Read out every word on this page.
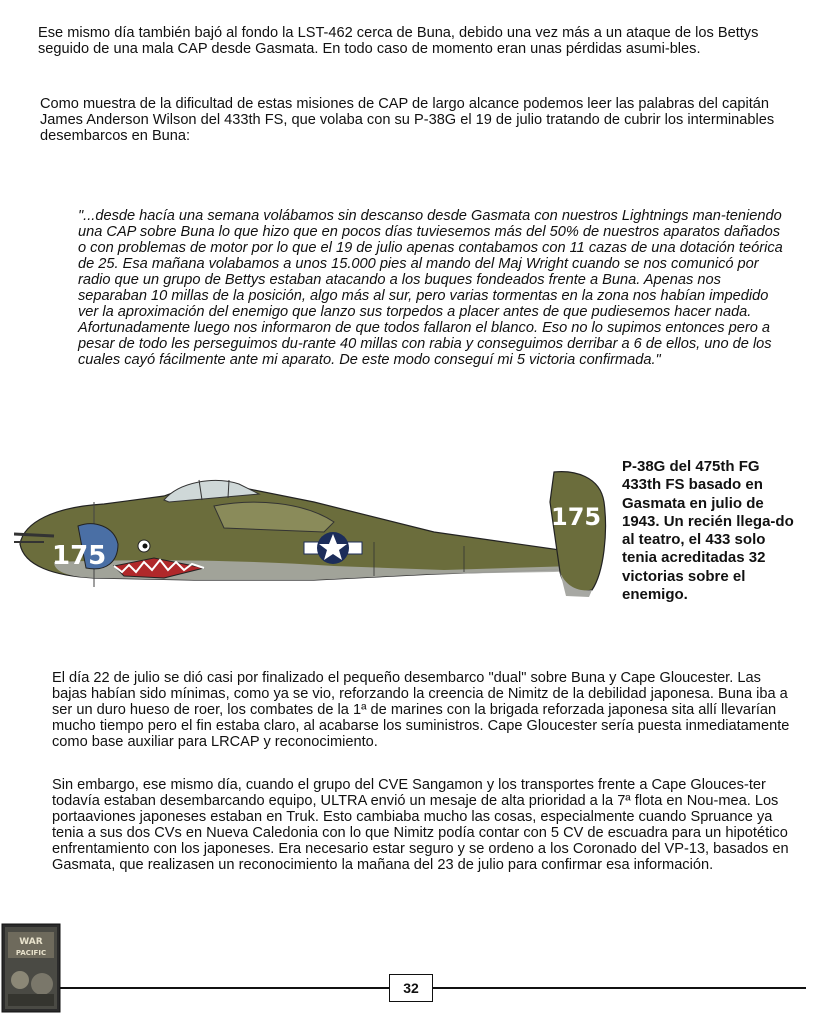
Ese mismo día también bajó al fondo la LST-462 cerca de Buna, debido una vez más a un ataque de los Bettys seguido de una mala CAP desde Gasmata. En todo caso de momento eran unas pérdidas asumi-bles.

Como muestra de la dificultad de estas misiones de CAP de largo alcance podemos leer las palabras del capitán James Anderson Wilson del 433th FS, que volaba con su P-38G el 19 de julio tratando de cubrir los interminables desembarcos en Buna:

"...desde hacía una semana volábamos sin descanso desde Gasmata con nuestros Lightnings man-teniendo una CAP sobre Buna lo que hizo que en pocos días tuviesemos más del 50% de nuestros aparatos dañados o con problemas de motor por lo que el 19 de julio apenas contabamos con 11 cazas de una dotación teórica de 25. Esa mañana volabamos a unos 15.000 pies al mando del Maj Wright cuando se nos comunicó por radio que un grupo de Bettys estaban atacando a los buques fondeados frente a Buna. Apenas nos separaban 10 millas de la posición, algo más al sur, pero varias tormentas en la zona nos habían impedido ver la aproximación del enemigo que lanzo sus torpedos a placer antes de que pudiesemos hacer nada. Afortunadamente luego nos informaron de que todos fallaron el blanco. Eso no lo supimos entonces pero a pesar de todo les perseguimos du-rante 40 millas con rabia y conseguimos derribar a 6 de ellos, uno de los cuales cayó fácilmente ante mi aparato. De este modo conseguí mi 5 victoria confirmada."

175
175

P-38G del 475th FG 433th FS basado en Gasmata en julio de 1943. Un recién llega-do al teatro, el 433 solo tenia acreditadas 32 victorias sobre el enemigo.

El día 22 de julio se dió casi por finalizado el pequeño desembarco "dual" sobre Buna y Cape Gloucester. Las bajas habían sido mínimas, como ya se vio, reforzando la creencia de Nimitz de la debilidad japonesa. Buna iba a ser un duro hueso de roer, los combates de la 1ª de marines con la brigada reforzada japonesa sita allí llevarían mucho tiempo pero el fin estaba claro, al acabarse los suministros. Cape Gloucester sería puesta inmediatamente como base auxiliar para LRCAP y reconocimiento.

Sin embargo, ese mismo día, cuando el grupo del CVE Sangamon y los transportes frente a Cape Glouces-ter todavía estaban desembarcando equipo, ULTRA envió un mesaje de alta prioridad a la 7ª flota en Nou-mea. Los portaaviones japoneses estaban en Truk. Esto cambiaba mucho las cosas, especialmente cuando Spruance ya tenia a sus dos CVs en Nueva Caledonia con lo que Nimitz podía contar con 5 CV de escuadra para un hipotético enfrentamiento con los japoneses. Era necesario estar seguro y se ordeno a los Coronado del VP-13, basados en Gasmata, que realizasen un reconocimiento la mañana del 23 de julio para confirmar esa información.

WAR
PACIFIC
32
